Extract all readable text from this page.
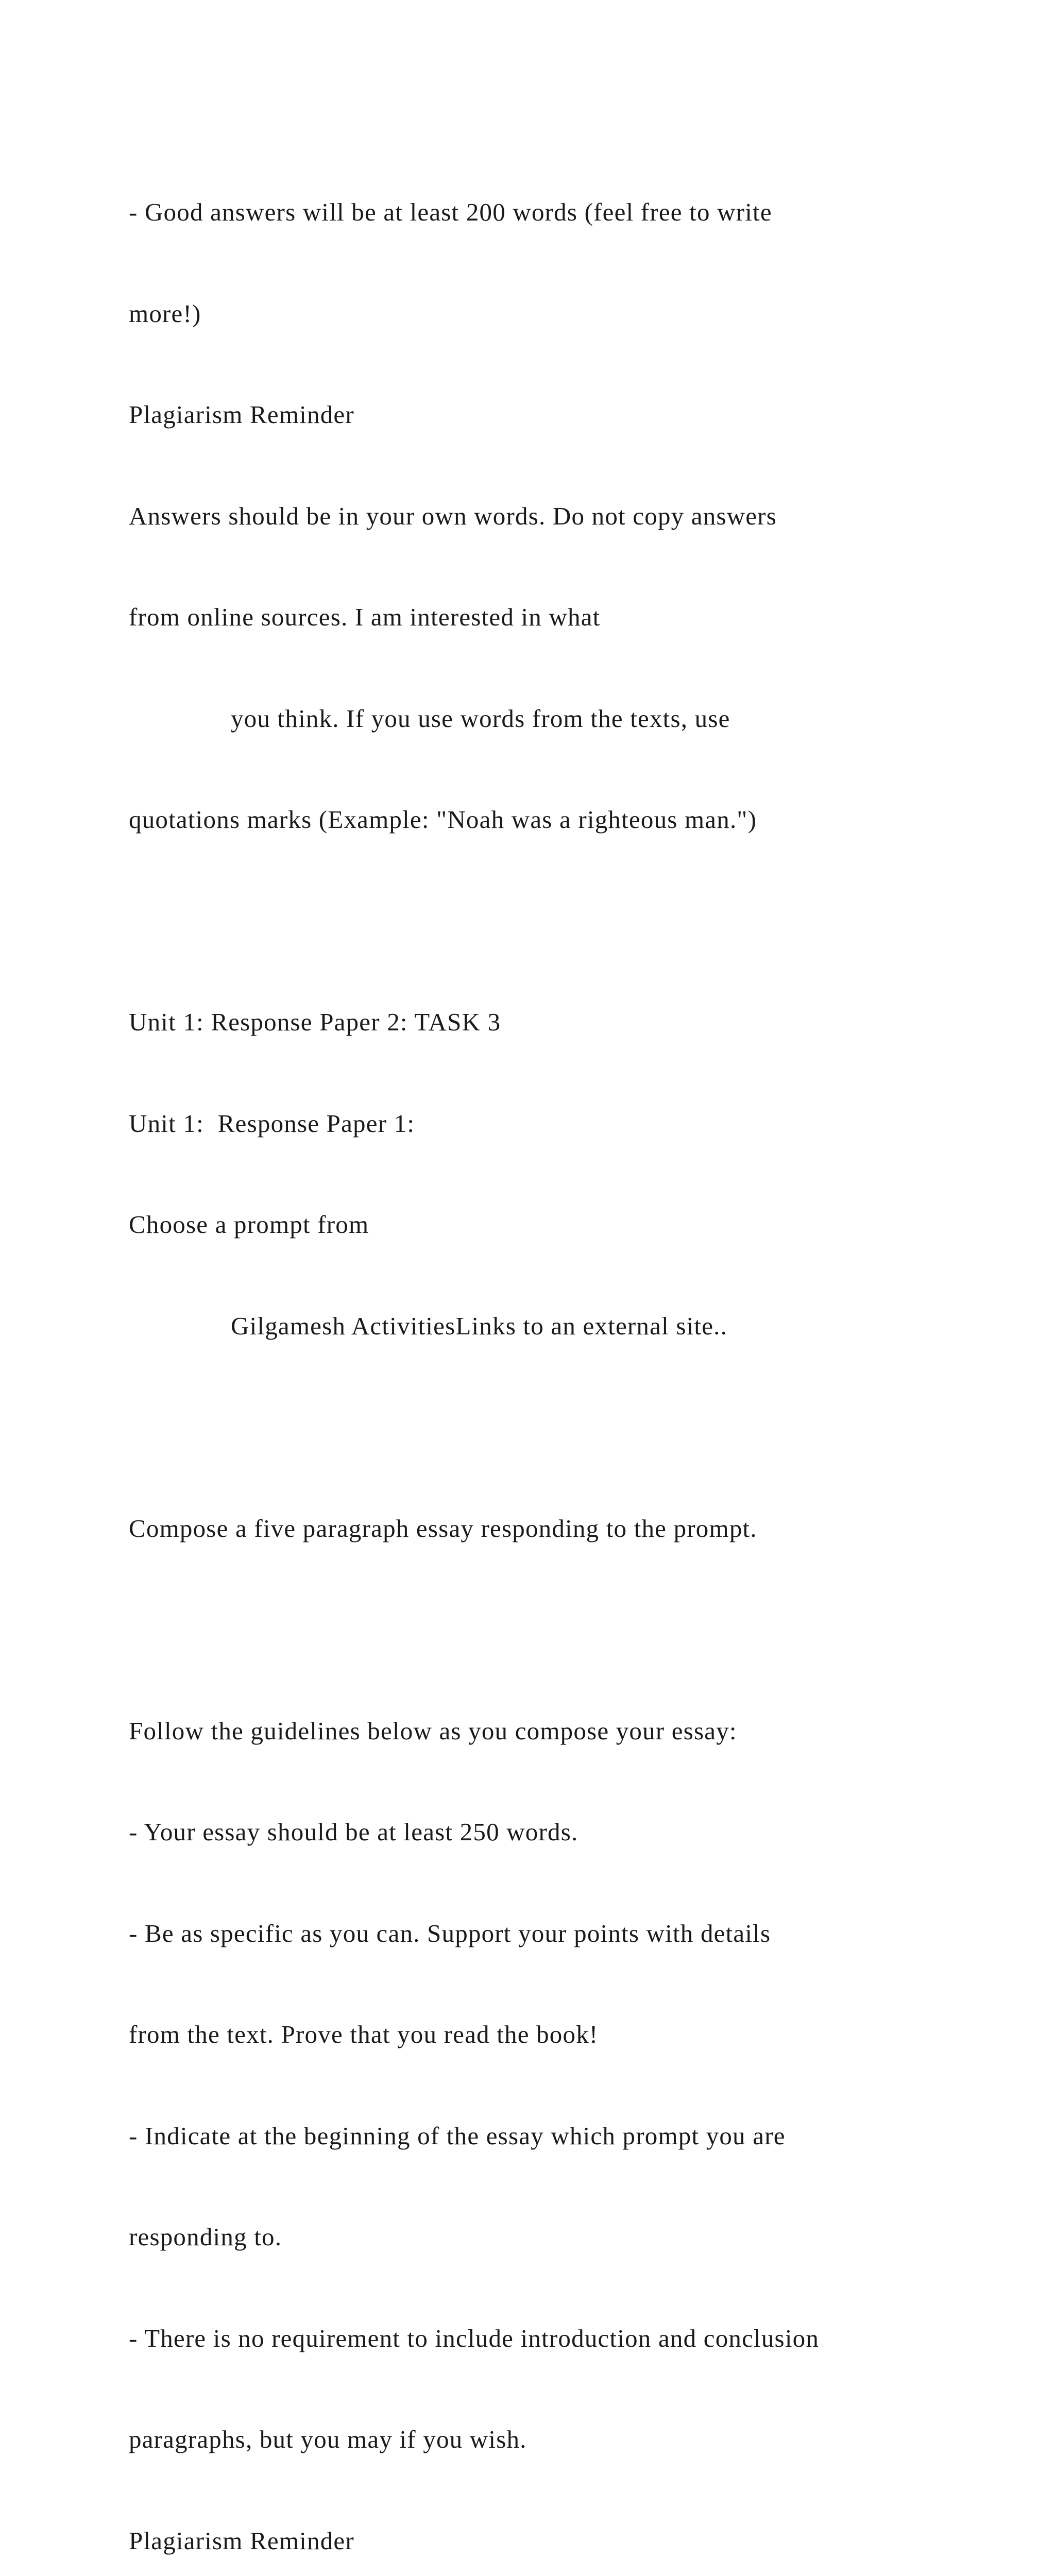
- Good answers will be at least 200 words (feel free to write

more!)

Plagiarism Reminder

Answers should be in your own words. Do not copy answers

from online sources. I am interested in what

you think. If you use words from the texts, use

quotations marks (Example: "Noah was a righteous man.")

Unit 1: Response Paper 2: TASK 3

Unit 1:  Response Paper 1:

Choose a prompt from

Gilgamesh ActivitiesLinks to an external site..

Compose a five paragraph essay responding to the prompt.

Follow the guidelines below as you compose your essay:

- Your essay should be at least 250 words.

- Be as specific as you can. Support your points with details

from the text. Prove that you read the book!

- Indicate at the beginning of the essay which prompt you are

responding to.

- There is no requirement to include introduction and conclusion

paragraphs, but you may if you wish.

Plagiarism Reminder
